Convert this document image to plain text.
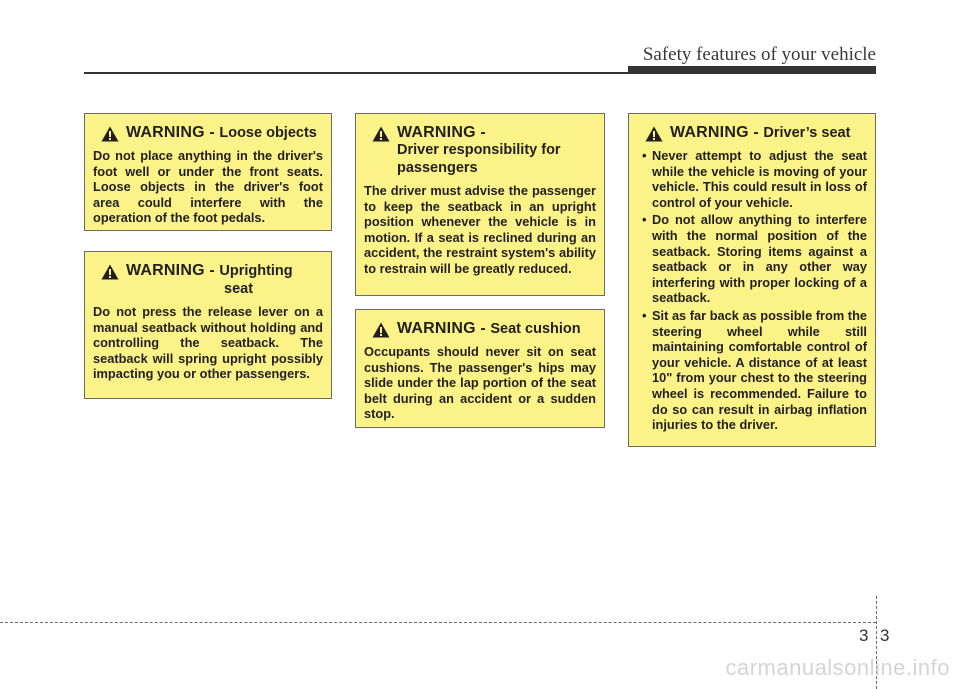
Safety features of your vehicle
WARNING - Loose objects
Do not place anything in the driver's foot well or under the front seats. Loose objects in the driver's foot area could interfere with the operation of the foot pedals.
WARNING - Uprighting
seat
Do not press the release lever on a manual seatback without holding and controlling the seatback. The seatback will spring upright possibly impacting you or other passengers.
WARNING -
Driver responsibility for
passengers
The driver must advise the passenger to keep the seatback in an upright position whenever the vehicle is in motion. If a seat is reclined during an accident, the restraint system's ability to restrain will be greatly reduced.
WARNING - Seat cushion
Occupants should never sit on seat cushions. The passenger's hips may slide under the lap portion of the seat belt during an accident or a sudden stop.
WARNING - Driver’s seat
• Never attempt to adjust the seat while the vehicle is moving of your vehicle. This could result in loss of control of your vehicle.
• Do not allow anything to interfere with the normal position of the seatback. Storing items against a seatback or in any other way interfering with proper locking of a seatback.
• Sit as far back as possible from the steering wheel while still maintaining comfortable control of your vehicle. A distance of at least 10" from your chest to the steering wheel is recommended. Failure to do so can result in airbag inflation injuries to the driver.
3 3
carmanualsonline.info
